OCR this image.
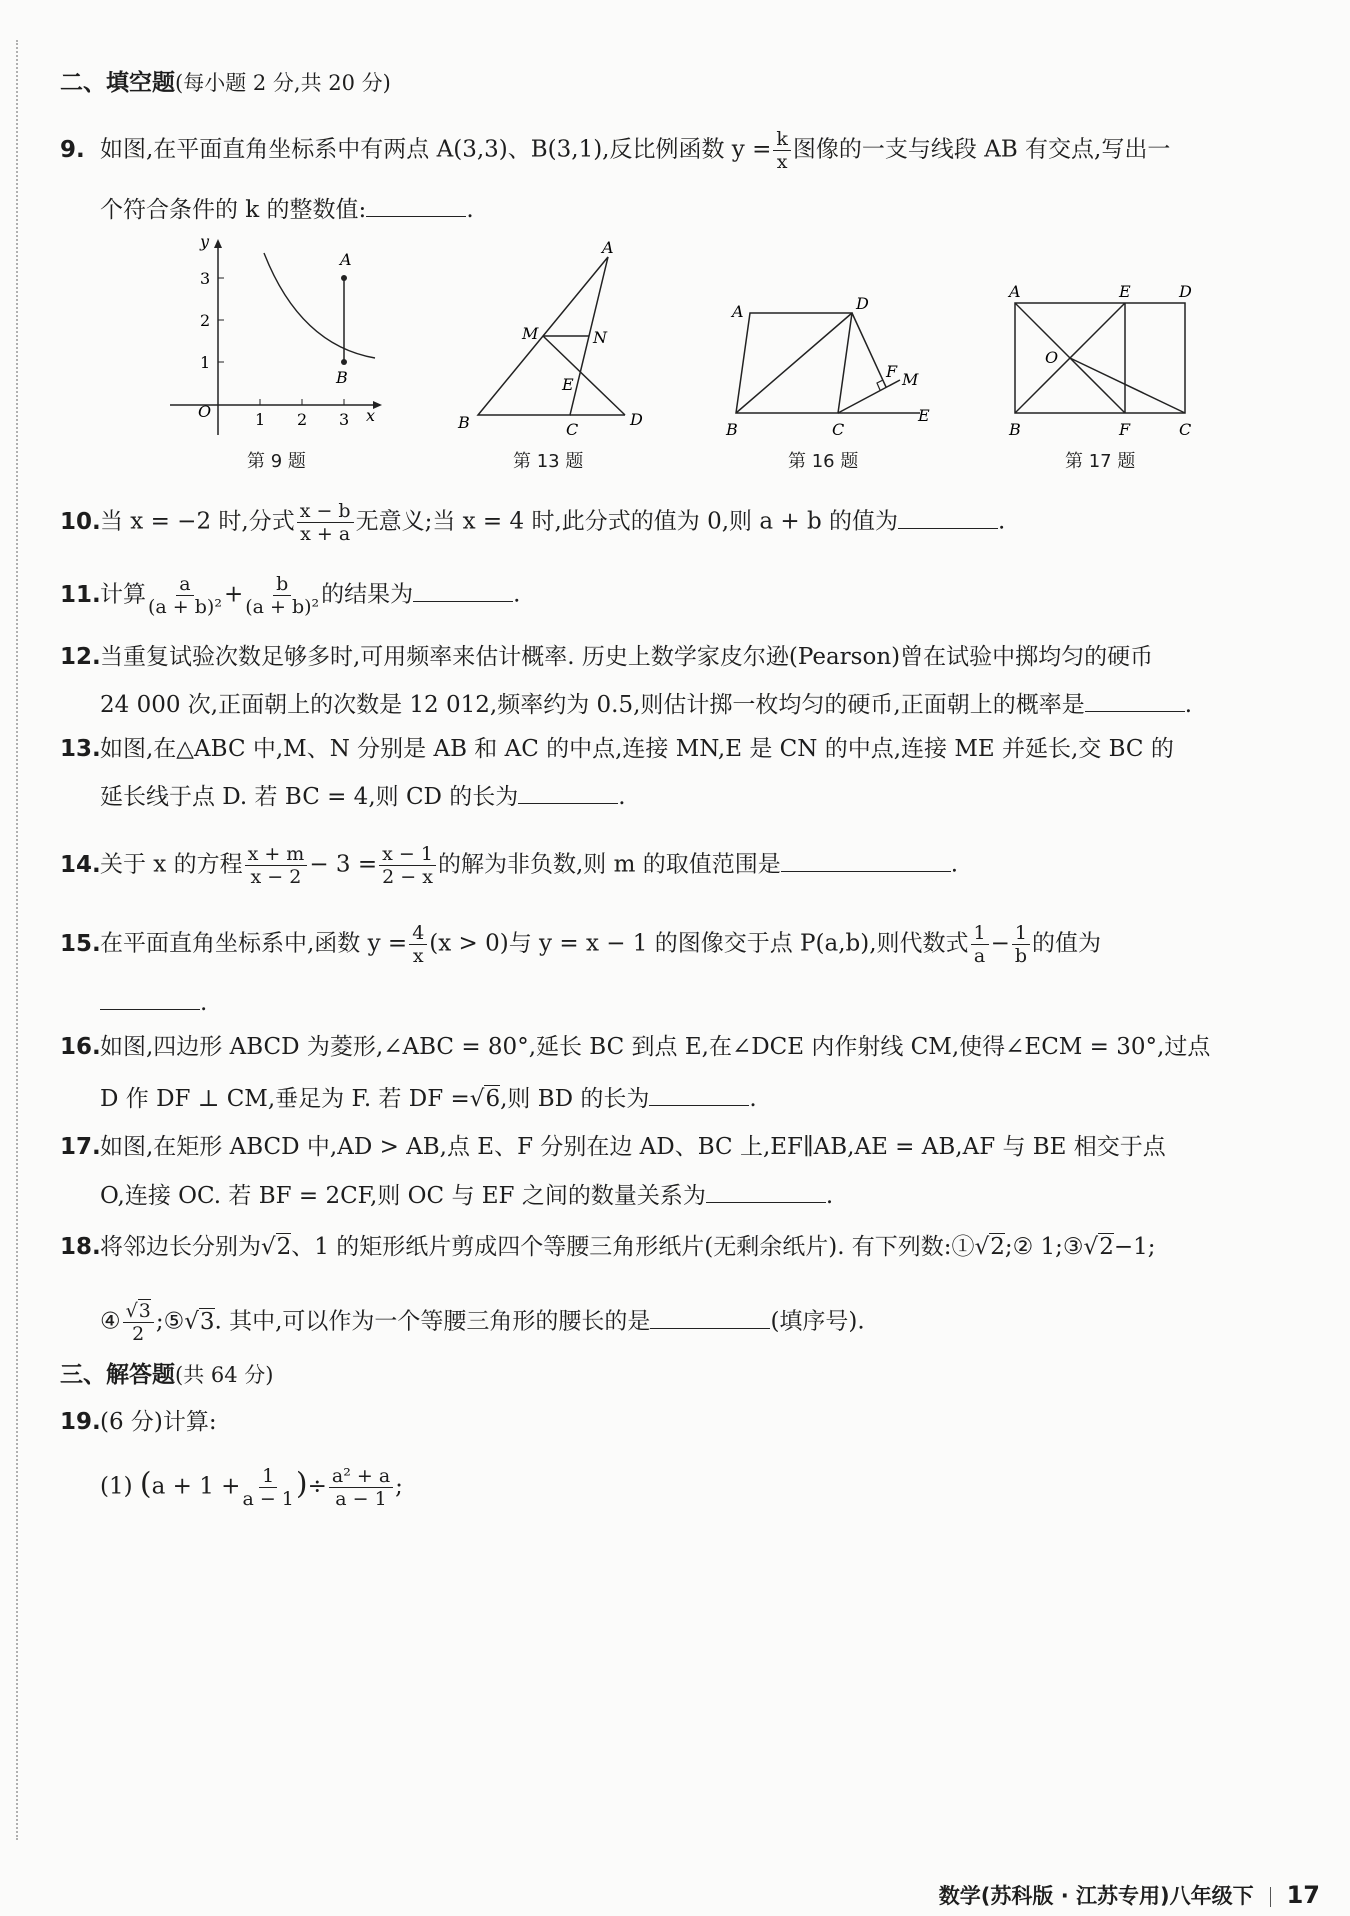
二、填空题(每小题 2 分,共 20 分)
9. 如图,在平面直角坐标系中有两点 A(3,3)、B(3,1),反比例函数 $y = \frac{k}{x}$ 图像的一支与线段 AB 有交点,写出一
个符合条件的 k 的整数值:	.
O
y
x
1 2 3
1
2
3
A
B
第 9 题
A
B	C
D
M	N
E
第 13 题
A	D
B	C
E
F M
第 16 题
A	E	D
B	F	C
O
第 17 题
10.当 x = −2 时,分式 $\frac{x - b}{x + a}$ 无意义;当 x = 4 时,此分式的值为 0,则 a + b 的值为	.
11.计算 $\frac{a}{\text{(a + b)²}} + \frac{b}{\text{(a + b)²}}$ 的结果为	.
12.当重复试验次数足够多时,可用频率来估计概率. 历史上数学家皮尔逊(Pearson)曾在试验中掷均匀的硬币
24 000 次,正面朝上的次数是 12 012,频率约为 0.5,则估计掷一枚均匀的硬币,正面朝上的概率是	.
13.如图,在△ABC 中,M、N 分别是 AB 和 AC 的中点,连接 MN,E 是 CN 的中点,连接 ME 并延长,交 BC 的
延长线于点 D. 若 BC = 4,则 CD 的长为	.
14.关于 x 的方程 $\frac{x + m}{x - 2} - 3 = \frac{x - 1}{2 - x}$ 的解为非负数,则 m 的取值范围是	.
15.在平面直角坐标系中,函数 $y = \frac{4}{x} (x > 0)$与 y = x − 1 的图像交于点 P(a,b),则代数式 $\frac{1}{a} - \frac{1}{b}$ 的值为
.
16.如图,四边形 ABCD 为菱形,∠ABC = 80°,延长 BC 到点 E,在∠DCE 内作射线 CM,使得∠ECM = 30°,过点
D 作 DF ⊥ CM,垂足为 F. 若 DF =√6,则 BD 的长为	.
17.如图,在矩形 ABCD 中,AD > AB,点 E、F 分别在边 AD、BC 上,EF∥AB,AE = AB,AF 与 BE 相交于点
O,连接 OC. 若 BF = 2CF,则 OC 与 EF 之间的数量关系为	.
18.将邻边长分别为√2、1 的矩形纸片剪成四个等腰三角形纸片(无剩余纸片). 有下列数:①√2;② 1;③√2−1;
④ $\frac{√3}{2}$ ;⑤√3. 其中,可以作为一个等腰三角形的腰长的是	(填序号).
三、解答题(共 64 分)
19.(6 分)计算:
(1) ($a + 1 + \frac{1}{a - 1}$ )÷ $\frac{\text{a² + a}}{a - 1}$ ;
数学(苏科版 · 江苏专用)八年级下 17
